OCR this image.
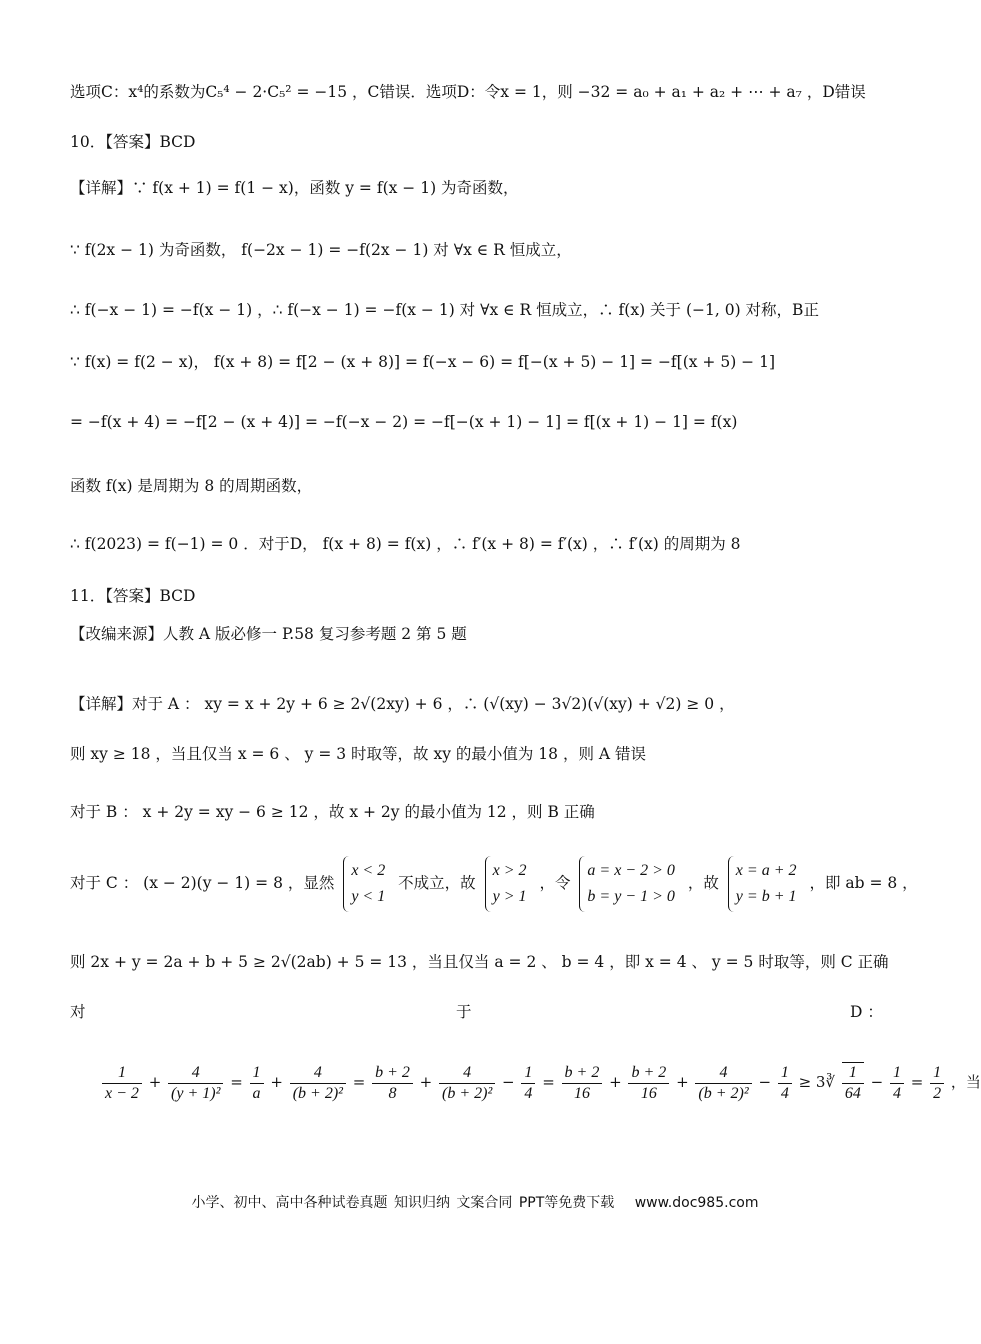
选项C：x⁴的系数为C₅⁴ − 2·C₅² = −15 ，C错误．选项D：令x = 1，则 −32 = a₀ + a₁ + a₂ + ⋯ + a₇ ，D错误
10．【答案】BCD
【详解】∵ f(x + 1) = f(1 − x)，函数 y = f(x − 1) 为奇函数，
∵ f(2x − 1) 为奇函数， f(−2x − 1) = −f(2x − 1) 对 ∀x ∈ R 恒成立，
∴ f(−x − 1) = −f(x − 1) ，∴ f(−x − 1) = −f(x − 1) 对 ∀x ∈ R 恒成立，∴ f(x) 关于 (−1, 0) 对称，B正
∵ f(x) = f(2 − x)， f(x + 8) = f[2 − (x + 8)] = f(−x − 6) = f[−(x + 5) − 1] = −f[(x + 5) − 1]
= −f(x + 4) = −f[2 − (x + 4)] = −f(−x − 2) = −f[−(x + 1) − 1] = f[(x + 1) − 1] = f(x)
函数 f(x) 是周期为 8 的周期函数，
∴ f(2023) = f(−1) = 0 ．对于D， f(x + 8) = f(x) ，∴ f′(x + 8) = f′(x) ，∴ f′(x) 的周期为 8
11．【答案】BCD
【改编来源】人教 A 版必修一 P.58 复习参考题 2 第 5 题
【详解】对于 A ： xy = x + 2y + 6 ≥ 2√(2xy) + 6 ，∴ (√(xy) − 3√2)(√(xy) + √2) ≥ 0 ，
则 xy ≥ 18 ，当且仅当 x = 6 、 y = 3 时取等，故 xy 的最小值为 18 ，则 A 错误
对于 B ： x + 2y = xy − 6 ≥ 12 ，故 x + 2y 的最小值为 12 ，则 B 正确
对于 C ： (x − 2)(y − 1) = 8 ，显然
x < 2
y < 1
不成立，故
x > 2
y > 1
，令
a = x − 2 > 0
b = y − 1 > 0
，故
x = a + 2
y = b + 1
，即 ab = 8 ，
则 2x + y = 2a + b + 5 ≥ 2√(2ab) + 5 = 13 ，当且仅当 a = 2 、 b = 4 ，即 x = 4 、 y = 5 时取等，则 C 正确
对	于	D ：
$\frac{1}{x - 2} + \frac{4}{\text{(y + 1)²}} = \frac{1}{a} + \frac{4}{\text{(b + 2)²}} = \frac{b + 2}{8} + \frac{4}{\text{(b + 2)²}} - \frac{1}{4} = \frac{b + 2}{16} + \frac{b + 2}{16} + \frac{4}{\text{(b + 2)²}} - \frac{1}{4}$ ≥ 3∛ $\frac{1}{64} - \frac{1}{4} = \frac{1}{2}$ ，当
小学、初中、高中各种试卷真题 知识归纳 文案合同 PPT等免费下载　 www.doc985.com
